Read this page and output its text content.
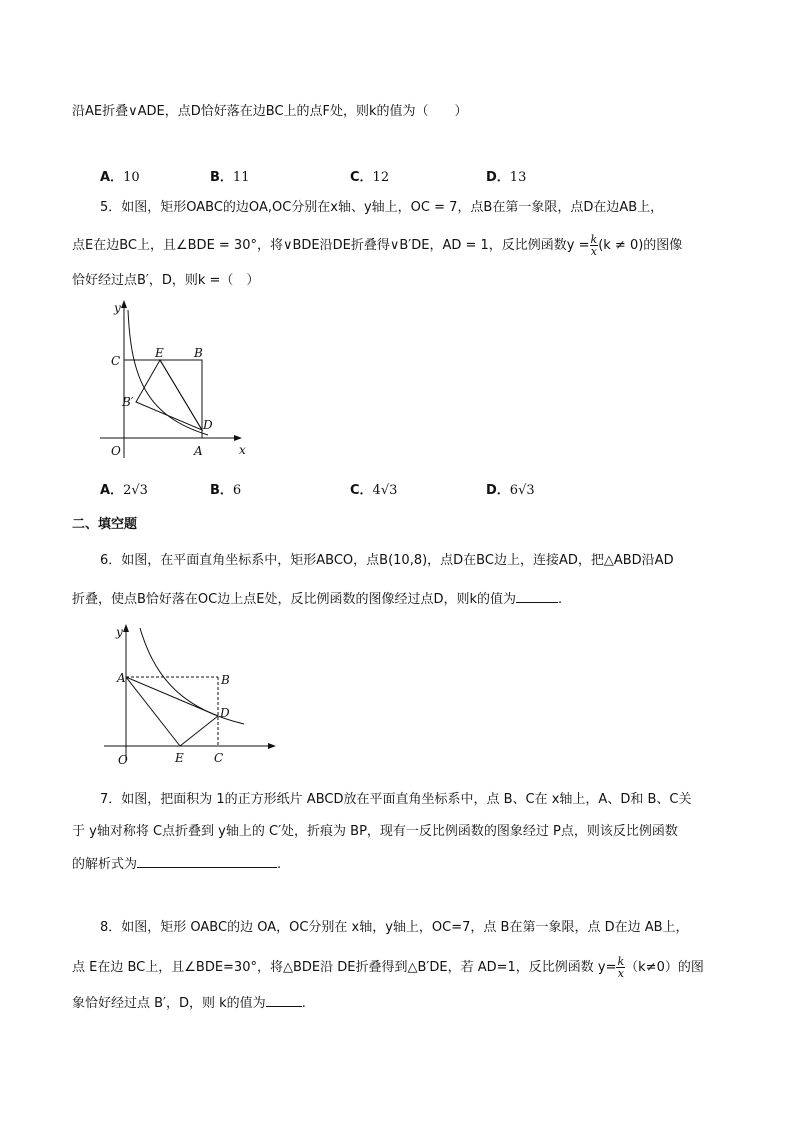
沿AE折叠∨ADE，点D恰好落在边BC上的点F处，则k的值为（　　）
A．10	B．11	C．12	D．13
5．如图，矩形OABC的边OA,OC分别在x轴、y轴上，OC = 7，点B在第一象限，点D在边AB上，
点E在边BC上，且∠BDE = 30°，将∨BDE沿DE折叠得∨B′DE，AD = 1，反比例函数$y = \frac{k}{x} (k \ne 0)$的图像
恰好经过点B′，D，则k =（　）
x
y
O	A
B
C
D
E
B′
A．2√3	B．6	C．4√3	D．6√3
二、填空题
6．如图，在平面直角坐标系中，矩形ABCO，点B(10,8)，点D在BC边上，连接AD，把△ABD沿AD
折叠，使点B恰好落在OC边上点E处，反比例函数的图像经过点D，则k的值为	.
O
y
A	B
C
D
E
7．如图，把面积为 1的正方形纸片 ABCD放在平面直角坐标系中，点 B、C在 x轴上，A、D和 B、C关
于 y轴对称将 C点折叠到 y轴上的 C′处，折痕为 BP，现有一反比例函数的图象经过 P点，则该反比例函数
的解析式为	.
8．如图，矩形 OABC的边 OA，OC分别在 x轴，y轴上，OC=7，点 B在第一象限，点 D在边 AB上，
点 E在边 BC上，且∠BDE=30°，将△BDE沿 DE折叠得到△B′DE，若 AD=1，反比例函数 $y= \frac{k}{x} (k\ne 0)$的图
象恰好经过点 B′，D，则 k的值为	.
